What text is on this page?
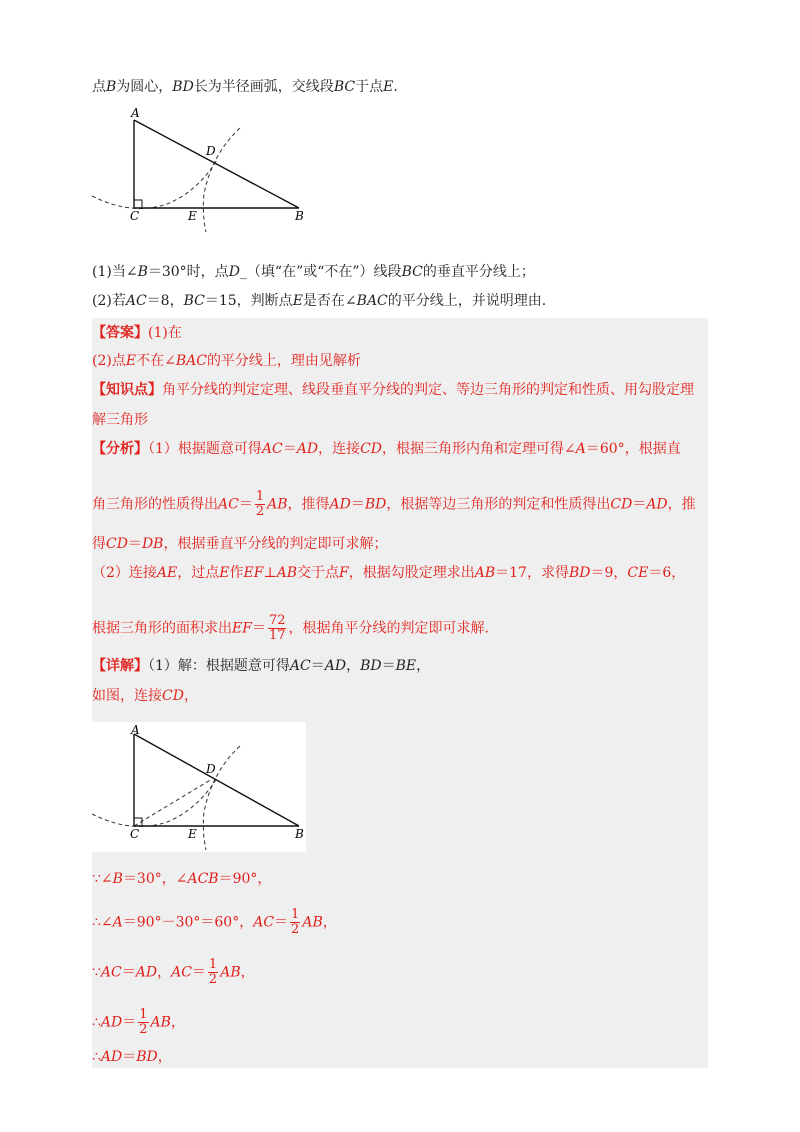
点B为圆心，BD长为半径画弧，交线段BC于点E.
A
C	E	B
D
(1)当∠B＝30°时，点D_（填“在”或“不在”）线段BC的垂直平分线上；
(2)若AC＝8，BC＝15，判断点E是否在∠BAC的平分线上，并说明理由.
【答案】(1)在
(2)点E不在∠BAC的平分线上，理由见解析
【知识点】角平分线的判定定理、线段垂直平分线的判定、等边三角形的判定和性质、用勾股定理
解三角形
【分析】（1）根据题意可得AC＝AD，连接CD，根据三角形内角和定理可得∠A＝60°，根据直
角三角形的性质得出$AC= \frac{1}{2}$ AB，推得AD＝BD，根据等边三角形的判定和性质得出CD＝AD，推
得CD＝DB，根据垂直平分线的判定即可求解；
（2）连接AE，过点E作EF⊥AB交于点F，根据勾股定理求出AB＝17，求得BD＝9，CE＝6，
根据三角形的面积求出$EF= \frac{72}{17}$ ，根据角平分线的判定即可求解.
【详解】（1）解：根据题意可得AC＝AD，BD＝BE，
如图，连接CD，
A
C	E	B
D
∵∠B＝30°，∠ACB＝90°，
∴∠A＝90°－30°＝60°，$AC= \frac{1}{2}$ AB，
∵AC＝AD，$AC= \frac{1}{2}$ AB，
∴AD＝ $\frac{1}{2}$ AB，
∴AD＝BD，
